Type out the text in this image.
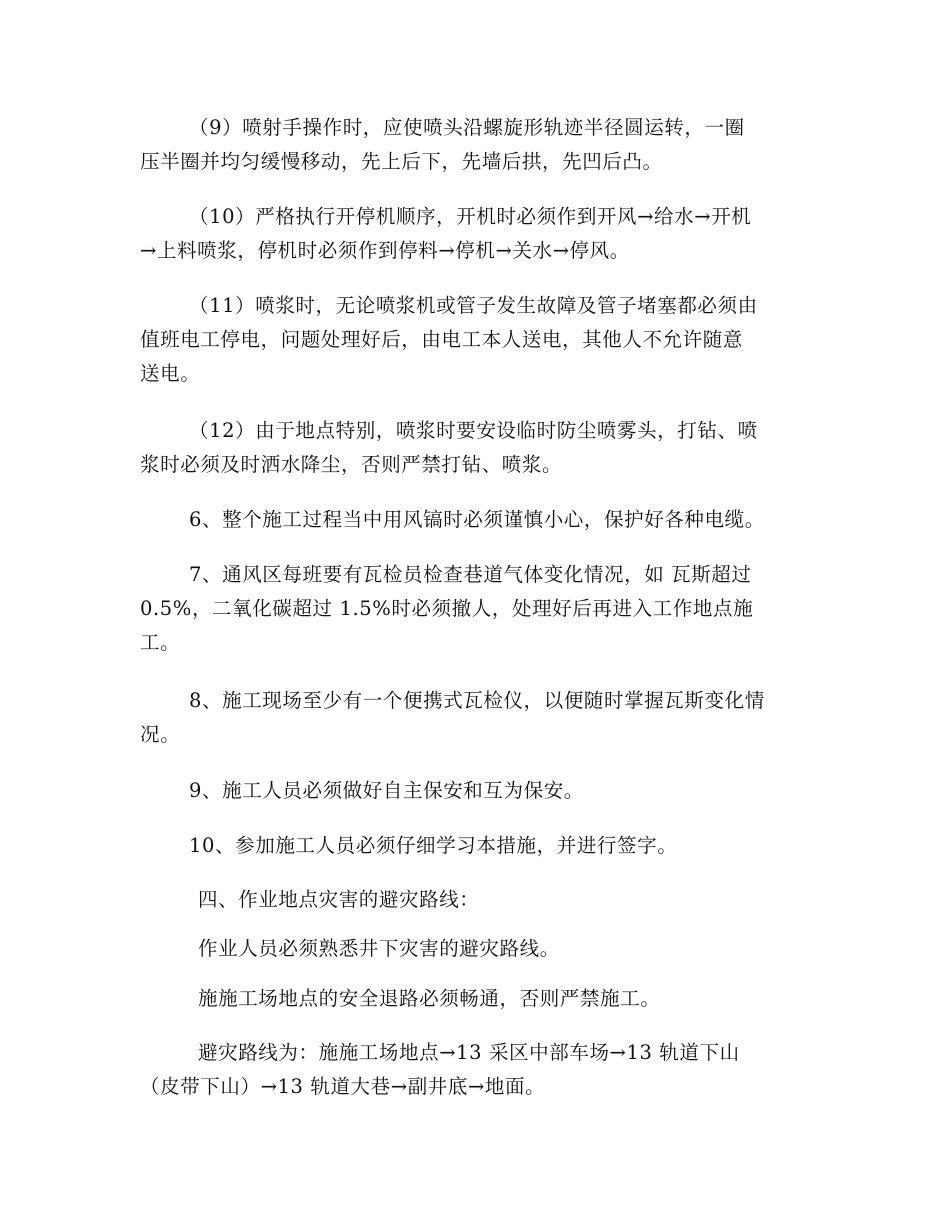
（9）喷射手操作时，应使喷头沿螺旋形轨迹半径圆运转，一圈
压半圈并均匀缓慢移动，先上后下，先墙后拱，先凹后凸。
（10）严格执行开停机顺序，开机时必须作到开风→给水→开机
→上料喷浆，停机时必须作到停料→停机→关水→停风。
（11）喷浆时，无论喷浆机或管子发生故障及管子堵塞都必须由
值班电工停电，问题处理好后，由电工本人送电，其他人不允许随意
送电。
（12）由于地点特别，喷浆时要安设临时防尘喷雾头，打钻、喷
浆时必须及时洒水降尘，否则严禁打钻、喷浆。
6、整个施工过程当中用风镐时必须谨慎小心，保护好各种电缆。
7、通风区每班要有瓦检员检查巷道气体变化情况，如 瓦斯超过
0.5%，二氧化碳超过 1.5%时必须撤人，处理好后再进入工作地点施
工。
8、施工现场至少有一个便携式瓦检仪，以便随时掌握瓦斯变化情
况。
9、施工人员必须做好自主保安和互为保安。
10、参加施工人员必须仔细学习本措施，并进行签字。
四、作业地点灾害的避灾路线：
作业人员必须熟悉井下灾害的避灾路线。
施施工场地点的安全退路必须畅通，否则严禁施工。
避灾路线为：施施工场地点→13 采区中部车场→13 轨道下山
（皮带下山）→13 轨道大巷→副井底→地面。
